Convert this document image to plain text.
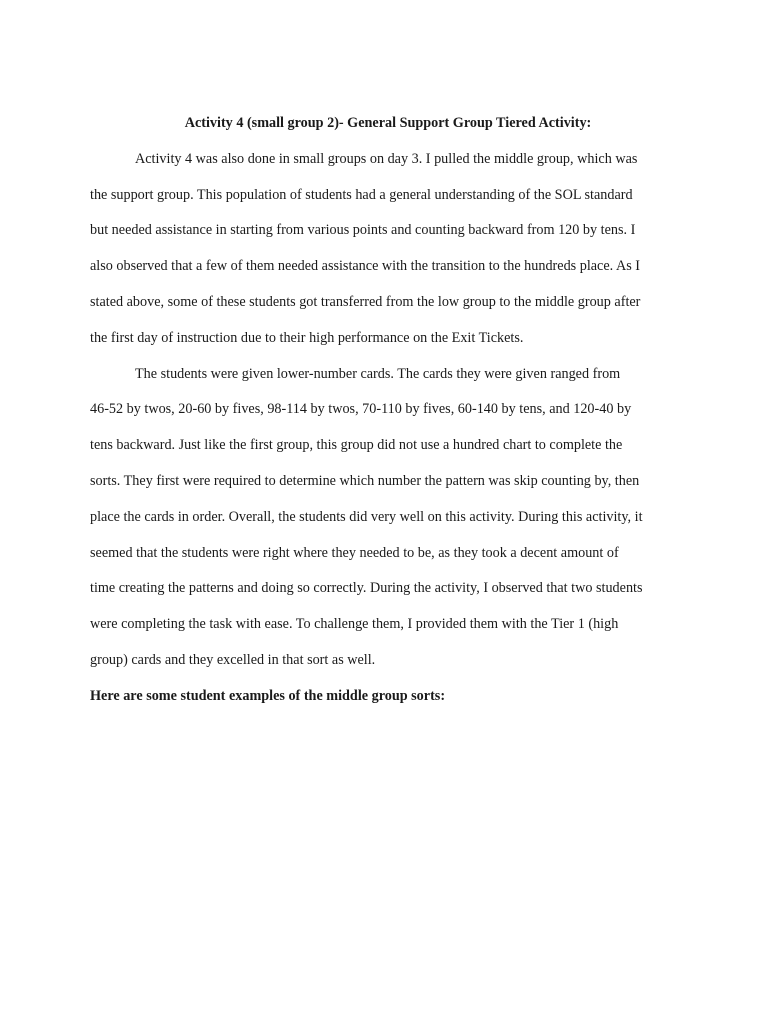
Activity 4 (small group 2)- General Support Group Tiered Activity:

Activity 4 was also done in small groups on day 3. I pulled the middle group, which was
the support group. This population of students had a general understanding of the SOL standard
but needed assistance in starting from various points and counting backward from 120 by tens. I
also observed that a few of them needed assistance with the transition to the hundreds place. As I
stated above, some of these students got transferred from the low group to the middle group after
the first day of instruction due to their high performance on the Exit Tickets.

The students were given lower-number cards. The cards they were given ranged from
46-52 by twos, 20-60 by fives, 98-114 by twos, 70-110 by fives, 60-140 by tens, and 120-40 by
tens backward. Just like the first group, this group did not use a hundred chart to complete the
sorts. They first were required to determine which number the pattern was skip counting by, then
place the cards in order. Overall, the students did very well on this activity. During this activity, it
seemed that the students were right where they needed to be, as they took a decent amount of
time creating the patterns and doing so correctly. During the activity, I observed that two students
were completing the task with ease. To challenge them, I provided them with the Tier 1 (high
group) cards and they excelled in that sort as well.

Here are some student examples of the middle group sorts:
